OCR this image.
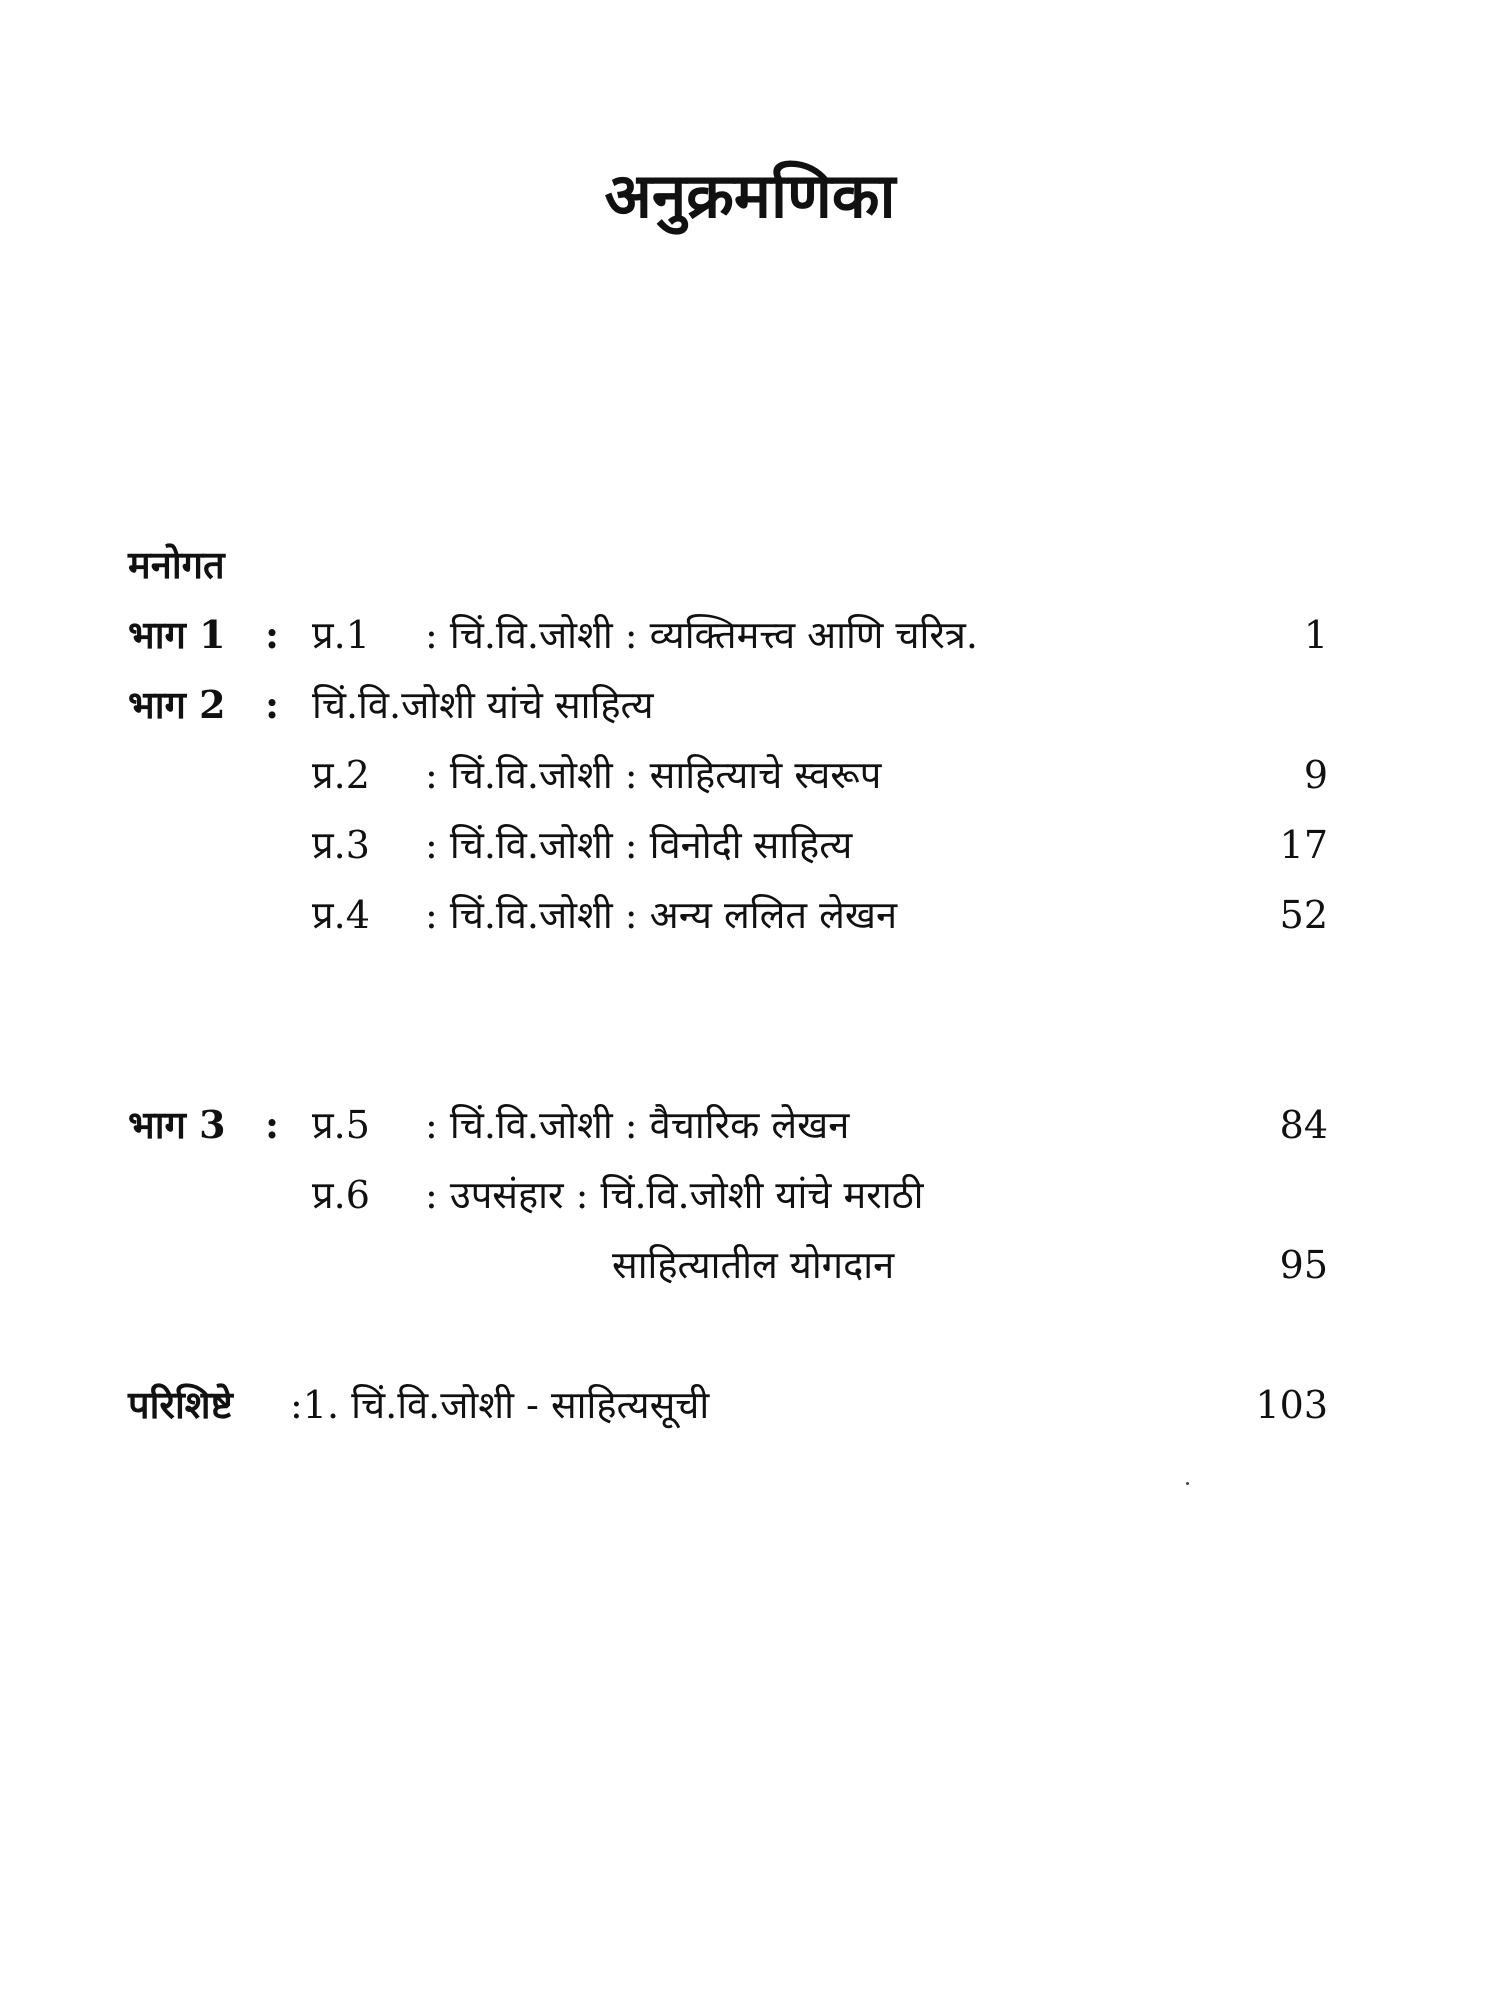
अनुक्रमणिका
मनोगत
भाग 1 : प्र.1 : चिं.वि.जोशी : व्यक्तिमत्त्व आणि चरित्र.	1
भाग 2 : चिं.वि.जोशी यांचे साहित्य
प्र.2 : चिं.वि.जोशी : साहित्याचे स्वरूप	9
प्र.3 : चिं.वि.जोशी : विनोदी साहित्य	17
प्र.4 : चिं.वि.जोशी : अन्य ललित लेखन	52
भाग 3 : प्र.5 : चिं.वि.जोशी : वैचारिक लेखन	84
प्र.6 : उपसंहार : चिं.वि.जोशी यांचे मराठी
साहित्यातील योगदान	95
परिशिष्टे :1. चिं.वि.जोशी - साहित्यसूची	103
